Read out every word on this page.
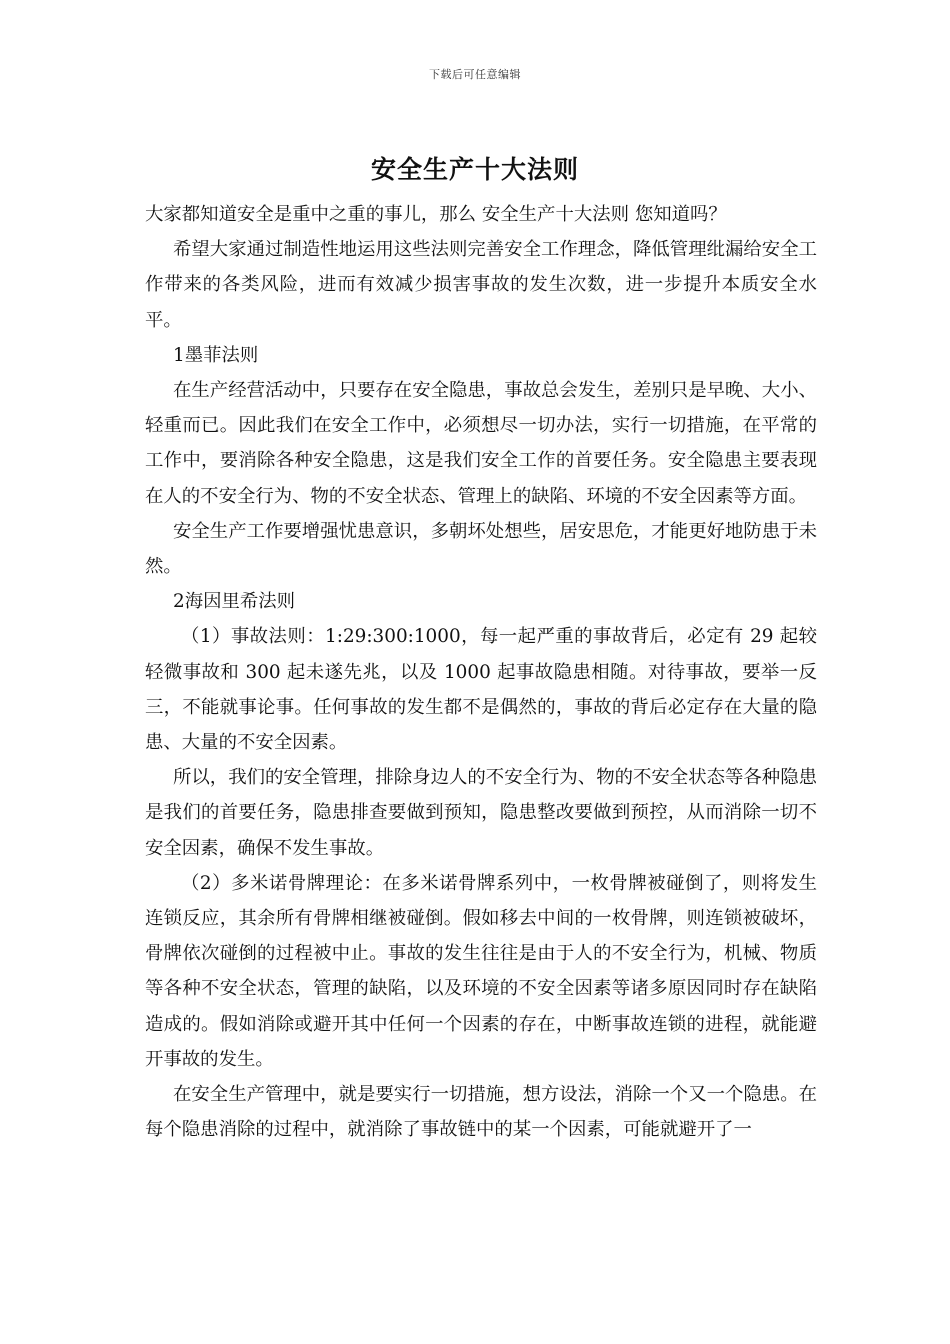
下载后可任意编辑
安全生产十大法则

大家都知道安全是重中之重的事儿，那么 安全生产十大法则 您知道吗？

希望大家通过制造性地运用这些法则完善安全工作理念，降低管理纰漏给安全工作带来的各类风险，进而有效减少损害事故的发生次数，进一步提升本质安全水平。

1墨菲法则

在生产经营活动中，只要存在安全隐患，事故总会发生，差别只是早晚、大小、轻重而已。因此我们在安全工作中，必须想尽一切办法，实行一切措施，在平常的工作中，要消除各种安全隐患，这是我们安全工作的首要任务。安全隐患主要表现在人的不安全行为、物的不安全状态、管理上的缺陷、环境的不安全因素等方面。

安全生产工作要增强忧患意识，多朝坏处想些，居安思危，才能更好地防患于未然。

2海因里希法则

（1）事故法则：1:29:300:1000，每一起严重的事故背后，必定有 29 起较轻微事故和 300 起未遂先兆，以及 1000 起事故隐患相随。对待事故，要举一反三，不能就事论事。任何事故的发生都不是偶然的，事故的背后必定存在大量的隐患、大量的不安全因素。

所以，我们的安全管理，排除身边人的不安全行为、物的不安全状态等各种隐患是我们的首要任务，隐患排查要做到预知，隐患整改要做到预控，从而消除一切不安全因素，确保不发生事故。

（2）多米诺骨牌理论：在多米诺骨牌系列中，一枚骨牌被碰倒了，则将发生连锁反应，其余所有骨牌相继被碰倒。假如移去中间的一枚骨牌，则连锁被破坏，骨牌依次碰倒的过程被中止。事故的发生往往是由于人的不安全行为，机械、物质等各种不安全状态，管理的缺陷，以及环境的不安全因素等诸多原因同时存在缺陷造成的。假如消除或避开其中任何一个因素的存在，中断事故连锁的进程，就能避开事故的发生。

在安全生产管理中，就是要实行一切措施，想方设法，消除一个又一个隐患。在每个隐患消除的过程中，就消除了事故链中的某一个因素，可能就避开了一
